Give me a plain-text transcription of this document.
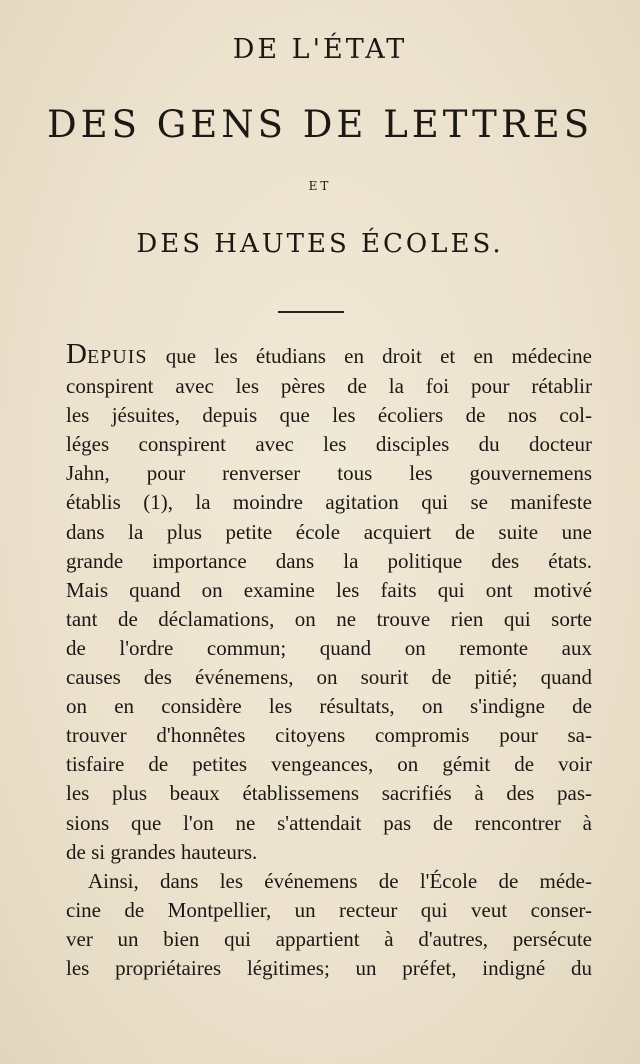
DE L'ÉTAT
DES GENS DE LETTRES
ET
DES HAUTES ÉCOLES.
DEPUIS que les étudians en droit et en médecine
conspirent avec les pères de la foi pour rétablir
les jésuites, depuis que les écoliers de nos col-
léges conspirent avec les disciples du docteur
Jahn, pour renverser tous les gouvernemens
établis (1), la moindre agitation qui se manifeste
dans la plus petite école acquiert de suite une
grande importance dans la politique des états.
Mais quand on examine les faits qui ont motivé
tant de déclamations, on ne trouve rien qui sorte
de l'ordre commun; quand on remonte aux
causes des événemens, on sourit de pitié; quand
on en considère les résultats, on s'indigne de
trouver d'honnêtes citoyens compromis pour sa-
tisfaire de petites vengeances, on gémit de voir
les plus beaux établissemens sacrifiés à des pas-
sions que l'on ne s'attendait pas de rencontrer à
de si grandes hauteurs.
Ainsi, dans les événemens de l'École de méde-
cine de Montpellier, un recteur qui veut conser-
ver un bien qui appartient à d'autres, persécute
les propriétaires légitimes; un préfet, indigné du
